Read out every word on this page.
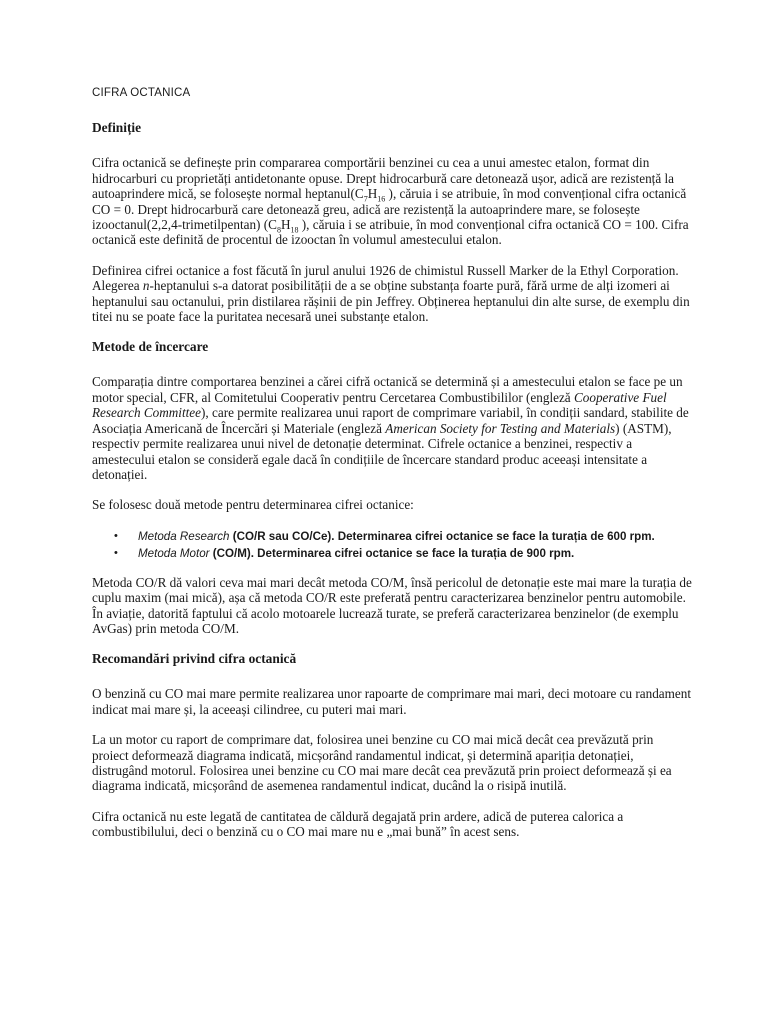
CIFRA OCTANICA
Definiție

Cifra octanică se definește prin compararea comportării benzinei cu cea a unui amestec etalon, format din hidrocarburi cu proprietăți antidetonante opuse. Drept hidrocarbură care detonează ușor, adică are rezistență la autoaprindere mică, se folosește normal $heptanul(C_7H_{16}$ ), căruia i se atribuie, în mod convențional cifra octanică CO = 0. Drept hidrocarbură care detonează greu, adică are rezistență la autoaprindere mare, se folosește izooctanul(2,2,4-trimetilpentan) ($C_8H_{18}$ ), căruia i se atribuie, în mod convențional cifra octanică CO = 100. Cifra octanică este definită de procentul de izooctan în volumul amestecului etalon.

Definirea cifrei octanice a fost făcută în jurul anului 1926 de chimistul Russell Marker de la Ethyl Corporation. Alegerea n-heptanului s-a datorat posibilității de a se obține substanța foarte pură, fără urme de alți izomeri ai heptanului sau octanului, prin distilarea rășinii de pin Jeffrey. Obținerea heptanului din alte surse, de exemplu din titei nu se poate face la puritatea necesară unei substanțe etalon.

Metode de încercare

Comparația dintre comportarea benzinei a cărei cifră octanică se determină și a amestecului etalon se face pe un motor special, CFR, al Comitetului Cooperativ pentru Cercetarea Combustibililor (engleză Cooperative Fuel Research Committee), care permite realizarea unui raport de comprimare variabil, în condiții sandard, stabilite de Asociația Americană de Încercări și Materiale (engleză American Society for Testing and Materials) (ASTM), respectiv permite realizarea unui nivel de detonație determinat. Cifrele octanice a benzinei, respectiv a amestecului etalon se consideră egale dacă în condițiile de încercare standard produc aceeași intensitate a detonației.

Se folosesc două metode pentru determinarea cifrei octanice:

• Metoda Research (CO/R sau CO/Ce). Determinarea cifrei octanice se face la turația de 600 rpm.
• Metoda Motor (CO/M). Determinarea cifrei octanice se face la turația de 900 rpm.

Metoda CO/R dă valori ceva mai mari decât metoda CO/M, însă pericolul de detonație este mai mare la turația de cuplu maxim (mai mică), așa că metoda CO/R este preferată pentru caracterizarea benzinelor pentru automobile. În aviație, datorită faptului că acolo motoarele lucrează turate, se preferă caracterizarea benzinelor (de exemplu AvGas) prin metoda CO/M.

Recomandări privind cifra octanică

O benzină cu CO mai mare permite realizarea unor rapoarte de comprimare mai mari, deci motoare cu randament indicat mai mare și, la aceeași cilindree, cu puteri mai mari.

La un motor cu raport de comprimare dat, folosirea unei benzine cu CO mai mică decât cea prevăzută prin proiect deformează diagrama indicată, micșorând randamentul indicat, și determină apariția detonației, distrugând motorul. Folosirea unei benzine cu CO mai mare decât cea prevăzută prin proiect deformează și ea diagrama indicată, micșorând de asemenea randamentul indicat, ducând la o risipă inutilă.

Cifra octanică nu este legată de cantitatea de căldură degajată prin ardere, adică de puterea calorica a combustibilului, deci o benzină cu o CO mai mare nu e „mai bună” în acest sens.
